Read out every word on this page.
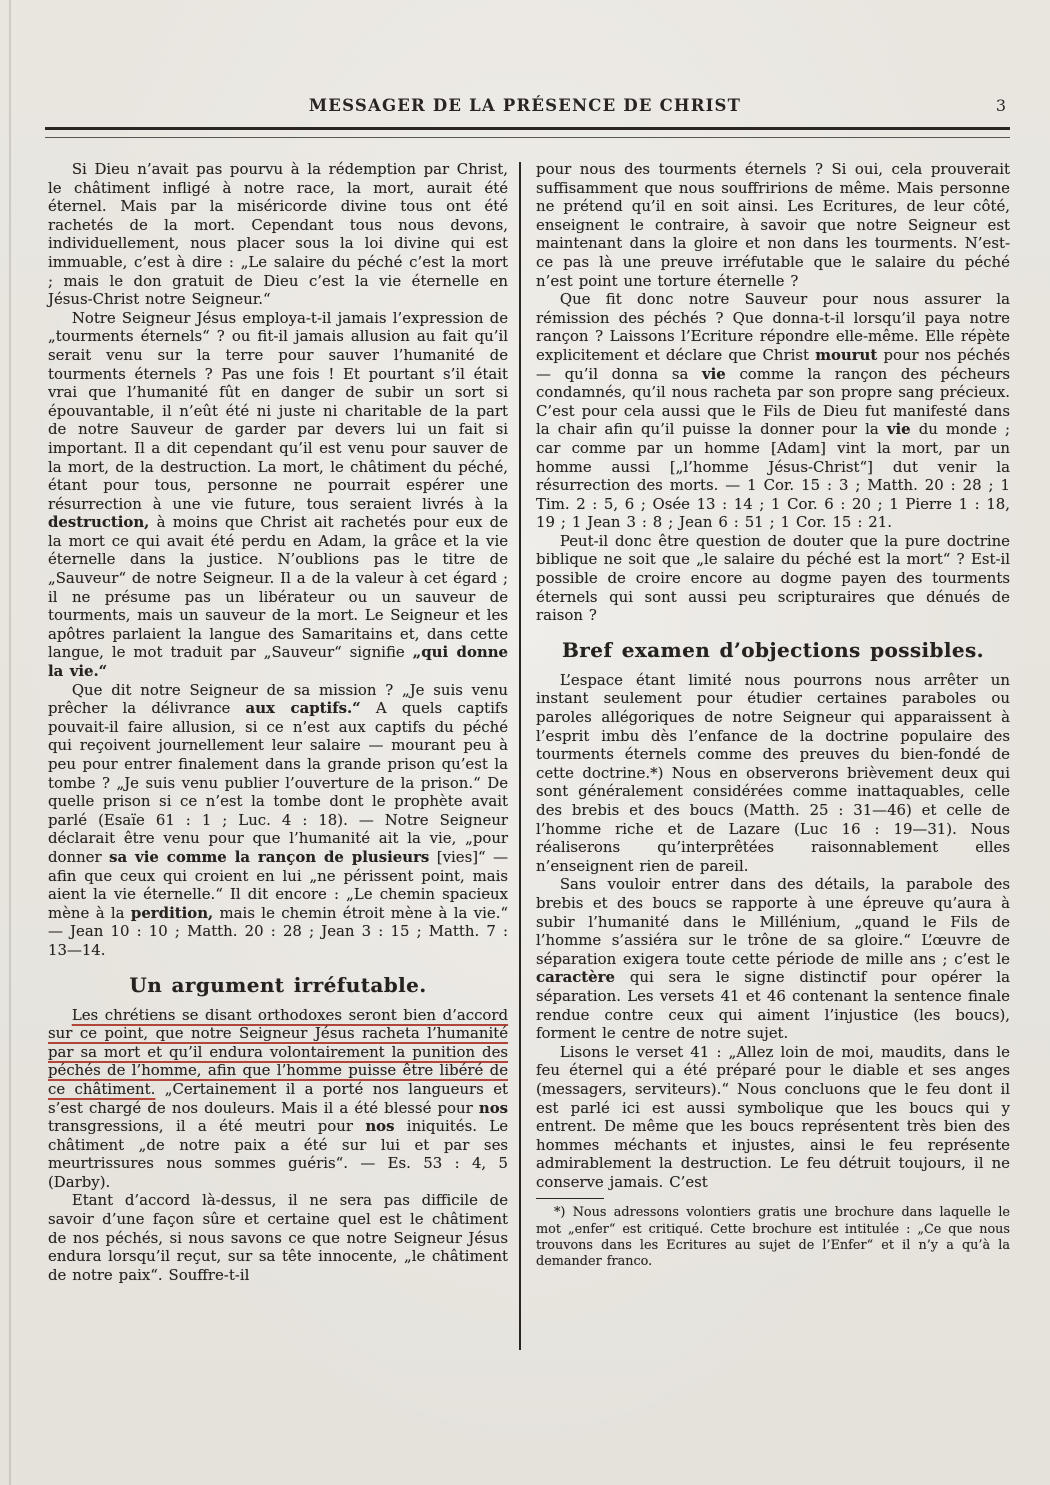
MESSAGER DE LA PRÉSENCE DE CHRIST	3

Si Dieu n’avait pas pourvu à la rédemption par Christ, le châtiment infligé à notre race, la mort, aurait été éternel. Mais par la miséricorde divine tous ont été rachetés de la mort. Cependant tous nous devons, individuellement, nous placer sous la loi divine qui est immuable, c’est à dire : „Le salaire du péché c’est la mort ; mais le don gratuit de Dieu c’est la vie éternelle en Jésus-Christ notre Seigneur.“

Notre Seigneur Jésus employa-t-il jamais l’expression de „tourments éternels“ ? ou fit-il jamais allusion au fait qu’il serait venu sur la terre pour sauver l’humanité de tourments éternels ? Pas une fois ! Et pourtant s’il était vrai que l’humanité fût en danger de subir un sort si épouvantable, il n’eût été ni juste ni charitable de la part de notre Sauveur de garder par devers lui un fait si important. Il a dit cependant qu’il est venu pour sauver de la mort, de la destruction. La mort, le châtiment du péché, étant pour tous, personne ne pourrait espérer une résurrection à une vie future, tous seraient livrés à la destruction, à moins que Christ ait rachetés pour eux de la mort ce qui avait été perdu en Adam, la grâce et la vie éternelle dans la justice. N’oublions pas le titre de „Sauveur“ de notre Seigneur. Il a de la valeur à cet égard ; il ne présume pas un libérateur ou un sauveur de tourments, mais un sauveur de la mort. Le Seigneur et les apôtres parlaient la langue des Samaritains et, dans cette langue, le mot traduit par „Sauveur“ signifie „qui donne la vie.“

Que dit notre Seigneur de sa mission ? „Je suis venu prêcher la délivrance aux captifs.“ A quels captifs pouvait-il faire allusion, si ce n’est aux captifs du péché qui reçoivent journellement leur salaire — mourant peu à peu pour entrer finalement dans la grande prison qu’est la tombe ? „Je suis venu publier l’ouverture de la prison.“ De quelle prison si ce n’est la tombe dont le prophète avait parlé (Esaïe 61 : 1 ; Luc. 4 : 18). — Notre Seigneur déclarait être venu pour que l’humanité ait la vie, „pour donner sa vie comme la rançon de plusieurs [vies]“ — afin que ceux qui croient en lui „ne périssent point, mais aient la vie éternelle.“ Il dit encore : „Le chemin spacieux mène à la perdition, mais le chemin étroit mène à la vie.“ — Jean 10 : 10 ; Matth. 20 : 28 ; Jean 3 : 15 ; Matth. 7 : 13—14.

Un argument irréfutable.

Les chrétiens se disant orthodoxes seront bien d’accord sur ce point, que notre Seigneur Jésus racheta l’humanité par sa mort et qu’il endura volontairement la punition des péchés de l’homme, afin que l’homme puisse être libéré de ce châtiment. „Certainement il a porté nos langueurs et s’est chargé de nos douleurs. Mais il a été blessé pour nos transgressions, il a été meutri pour nos iniquités. Le châtiment „de notre paix a été sur lui et par ses meurtrissures nous sommes guéris“. — Es. 53 : 4, 5 (Darby).

Etant d’accord là-dessus, il ne sera pas difficile de savoir d’une façon sûre et certaine quel est le châtiment de nos péchés, si nous savons ce que notre Seigneur Jésus endura lorsqu’il reçut, sur sa tête innocente, „le châtiment de notre paix“. Souffre-t-il

pour nous des tourments éternels ? Si oui, cela prouverait suffisamment que nous souffririons de même. Mais personne ne prétend qu’il en soit ainsi. Les Ecritures, de leur côté, enseignent le contraire, à savoir que notre Seigneur est maintenant dans la gloire et non dans les tourments. N’est-ce pas là une preuve irréfutable que le salaire du péché n’est point une torture éternelle ?

Que fit donc notre Sauveur pour nous assurer la rémission des péchés ? Que donna-t-il lorsqu’il paya notre rançon ? Laissons l’Ecriture répondre elle-même. Elle répète explicitement et déclare que Christ mourut pour nos péchés — qu’il donna sa vie comme la rançon des pécheurs condamnés, qu’il nous racheta par son propre sang précieux. C’est pour cela aussi que le Fils de Dieu fut manifesté dans la chair afin qu’il puisse la donner pour la vie du monde ; car comme par un homme [Adam] vint la mort, par un homme aussi [„l’homme Jésus-Christ“] dut venir la résurrection des morts. — 1 Cor. 15 : 3 ; Matth. 20 : 28 ; 1 Tim. 2 : 5, 6 ; Osée 13 : 14 ; 1 Cor. 6 : 20 ; 1 Pierre 1 : 18, 19 ; 1 Jean 3 : 8 ; Jean 6 : 51 ; 1 Cor. 15 : 21.

Peut-il donc être question de douter que la pure doctrine biblique ne soit que „le salaire du péché est la mort“ ? Est-il possible de croire encore au dogme payen des tourments éternels qui sont aussi peu scripturaires que dénués de raison ?

Bref examen d’objections possibles.

L’espace étant limité nous pourrons nous arrêter un instant seulement pour étudier certaines paraboles ou paroles allégoriques de notre Seigneur qui apparaissent à l’esprit imbu dès l’enfance de la doctrine populaire des tourments éternels comme des preuves du bien-fondé de cette doctrine.*) Nous en observerons brièvement deux qui sont généralement considérées comme inattaquables, celle des brebis et des boucs (Matth. 25 : 31—46) et celle de l’homme riche et de Lazare (Luc 16 : 19—31). Nous réaliserons qu’interprêtées raisonnablement elles n’enseignent rien de pareil.

Sans vouloir entrer dans des détails, la parabole des brebis et des boucs se rapporte à une épreuve qu’aura à subir l’humanité dans le Millénium, „quand le Fils de l’homme s’assiéra sur le trône de sa gloire.“ L’œuvre de séparation exigera toute cette période de mille ans ; c’est le caractère qui sera le signe distinctif pour opérer la séparation. Les versets 41 et 46 contenant la sentence finale rendue contre ceux qui aiment l’injustice (les boucs), forment le centre de notre sujet.

Lisons le verset 41 : „Allez loin de moi, maudits, dans le feu éternel qui a été préparé pour le diable et ses anges (messagers, serviteurs).“ Nous concluons que le feu dont il est parlé ici est aussi symbolique que les boucs qui y entrent. De même que les boucs représentent très bien des hommes méchants et injustes, ainsi le feu représente admirablement la destruction. Le feu détruit toujours, il ne conserve jamais. C’est

*) Nous adressons volontiers gratis une brochure dans laquelle le mot „enfer“ est critiqué. Cette brochure est intitulée : „Ce que nous trouvons dans les Ecritures au sujet de l’Enfer“ et il n’y a qu’à la demander franco.
